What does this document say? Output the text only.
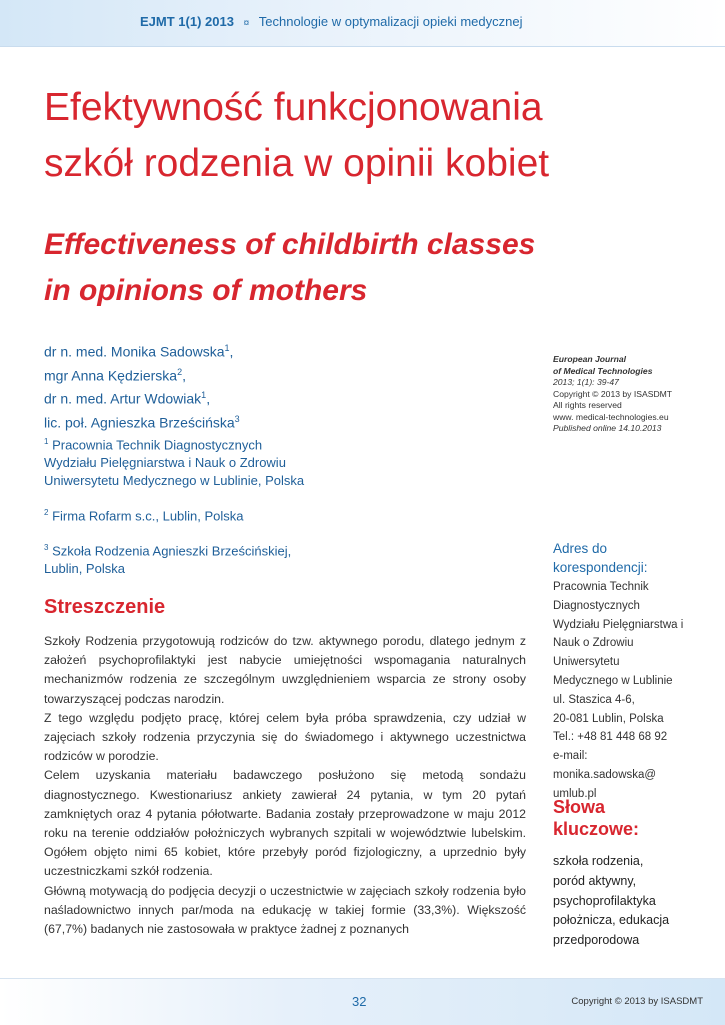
EJMT 1(1) 2013 ¤ Technologie w optymalizacji opieki medycznej
Efektywność funkcjonowania
szkół rodzenia w opinii kobiet
Effectiveness of childbirth classes
in opinions of mothers
dr n. med. Monika Sadowska$^1$,
mgr Anna Kędzierska$^2$,
dr n. med. Artur Wdowiak$^1$,
lic. poł. Agnieszka Brześcińska$^3$
$^1$ Pracownia Technik Diagnostycznych
Wydziału Pielęgniarstwa i Nauk o Zdrowiu
Uniwersytetu Medycznego w Lublinie, Polska
$^2$ Firma Rofarm s.c., Lublin, Polska
$^3$ Szkoła Rodzenia Agnieszki Brześcińskiej,
Lublin, Polska
European Journal
of Medical Technologies
2013; 1(1): 39-47
Copyright © 2013 by ISASDMT
All rights reserved
www. medical-technologies.eu
Published online 14.10.2013
Adres do
korespondencji:
Pracownia Technik
Diagnostycznych
Wydziału Pielęgniarstwa i
Nauk o Zdrowiu
Uniwersytetu
Medycznego w Lublinie
ul. Staszica 4-6,
20-081 Lublin, Polska
Tel.: +48 81 448 68 92
e-mail:
monika.sadowska@
umlub.pl
Streszczenie

Szkoły Rodzenia przygotowują rodziców do tzw. aktywnego porodu, dlatego jednym z założeń psychoprofilaktyki jest nabycie umiejętności wspomagania naturalnych mechanizmów rodzenia ze szczególnym uwzględnieniem wsparcia ze strony osoby towarzyszącej podczas narodzin.

Z tego względu podjęto pracę, której celem była próba sprawdzenia, czy udział w zajęciach szkoły rodzenia przyczynia się do świadomego i aktywnego uczestnictwa rodziców w porodzie.

Celem uzyskania materiału badawczego posłużono się metodą sondażu diagnostycznego. Kwestionariusz ankiety zawierał 24 pytania, w tym 20 pytań zamkniętych oraz 4 pytania półotwarte. Badania zostały przeprowadzone w maju 2012 roku na terenie oddziałów położniczych wybranych szpitali w województwie lubelskim. Ogółem objęto nimi 65 kobiet, które przebyły poród fizjologiczny, a uprzednio były uczestniczkami szkół rodzenia.

Główną motywacją do podjęcia decyzji o uczestnictwie w zajęciach szkoły rodzenia było naśladownictwo innych par/moda na edukację w takiej formie (33,3%). Większość (67,7%) badanych nie zastosowała w praktyce żadnej z poznanych

Słowa
kluczowe:
szkoła rodzenia,
poród aktywny,
psychoprofilaktyka
położnicza, edukacja
przedporodowa
32	Copyright © 2013 by ISASDMT
